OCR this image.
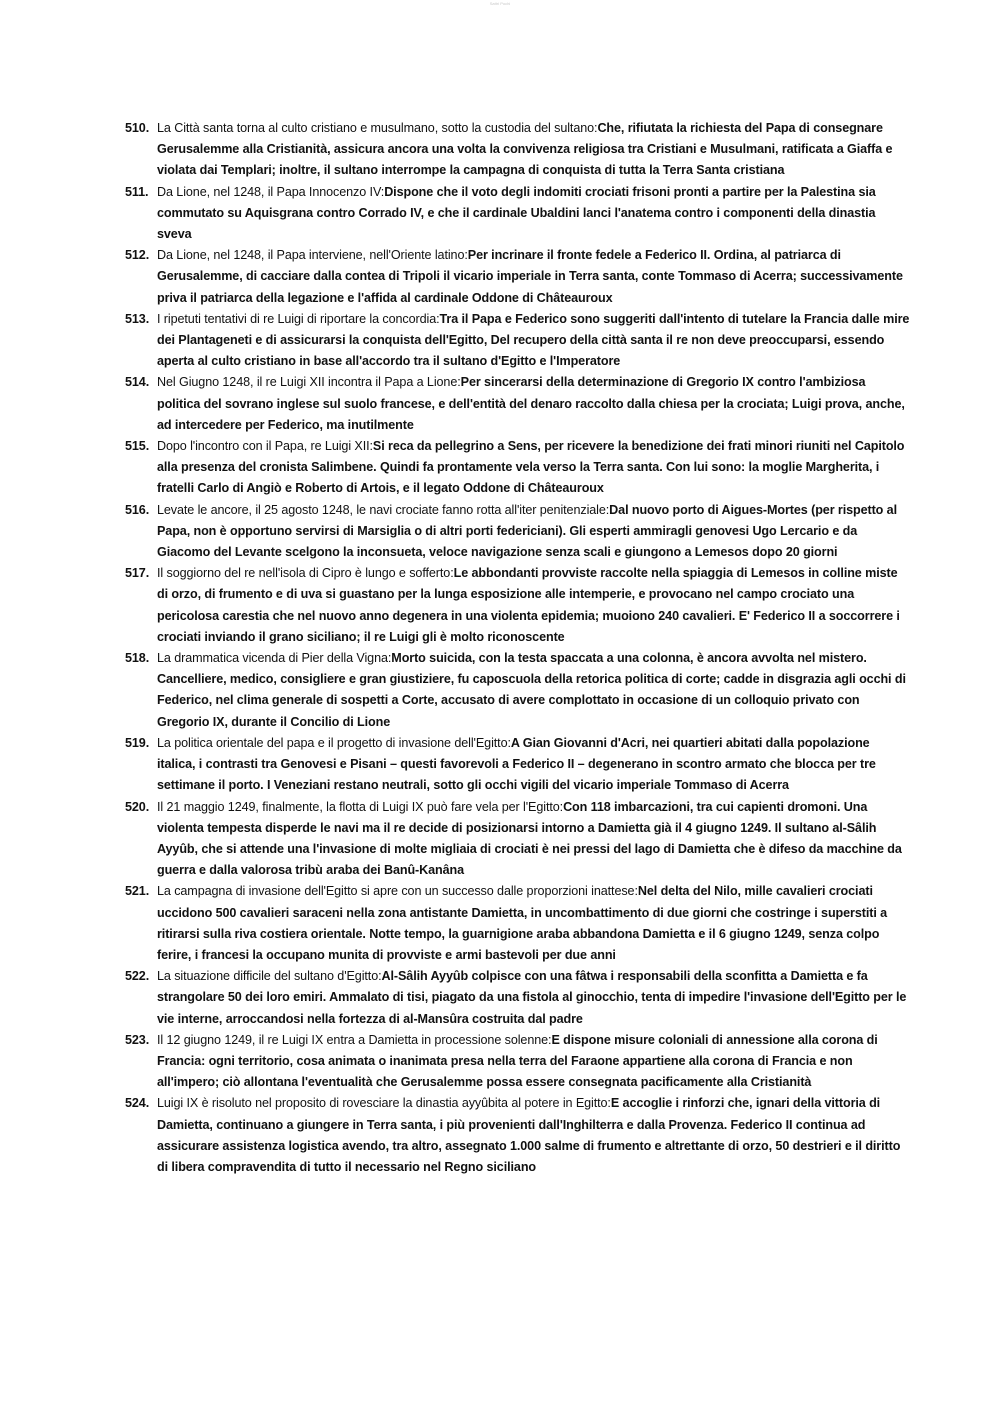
Sattri Pochi
510. La Città santa torna al culto cristiano e musulmano, sotto la custodia del sultano:Che, rifiutata la richiesta del Papa di consegnare Gerusalemme alla Cristianità, assicura ancora una volta la convivenza religiosa tra Cristiani e Musulmani, ratificata a Giaffa e violata dai Templari; inoltre, il sultano interrompe la campagna di conquista di tutta la Terra Santa cristiana
511. Da Lione, nel 1248, il Papa Innocenzo IV:Dispone che il voto degli indomiti crociati frisoni pronti a partire per la Palestina sia commutato su Aquisgrana contro Corrado IV, e che il cardinale Ubaldini lanci l'anatema contro i componenti della dinastia sveva
512. Da Lione, nel 1248, il Papa interviene, nell'Oriente latino:Per incrinare il fronte fedele a Federico II. Ordina, al patriarca di Gerusalemme, di cacciare dalla contea di Tripoli il vicario imperiale in Terra santa, conte Tommaso di Acerra; successivamente priva il patriarca della legazione e l'affida al cardinale Oddone di Châteauroux
513. I ripetuti tentativi di re Luigi di riportare la concordia:Tra il Papa e Federico sono suggeriti dall'intento di tutelare la Francia dalle mire dei Plantageneti e di assicurarsi la conquista dell'Egitto, Del recupero della città santa il re non deve preoccuparsi, essendo aperta al culto cristiano in base all'accordo tra il sultano d'Egitto e l'Imperatore
514. Nel Giugno 1248, il re Luigi XII incontra il Papa a Lione:Per sincerarsi della determinazione di Gregorio IX contro l'ambiziosa politica del sovrano inglese sul suolo francese, e dell'entità del denaro raccolto dalla chiesa per la crociata; Luigi prova, anche, ad intercedere per Federico, ma inutilmente
515. Dopo l'incontro con il Papa, re Luigi XII:Si reca da pellegrino a Sens, per ricevere la benedizione dei frati minori riuniti nel Capitolo alla presenza del cronista Salimbene. Quindi fa prontamente vela verso la Terra santa. Con lui sono: la moglie Margherita, i fratelli Carlo di Angiò e Roberto di Artois, e il legato Oddone di Châteauroux
516. Levate le ancore, il 25 agosto 1248, le navi crociate fanno rotta all'iter penitenziale:Dal nuovo porto di Aigues-Mortes (per rispetto al Papa, non è opportuno servirsi di Marsiglia o di altri porti federiciani). Gli esperti ammiragli genovesi Ugo Lercario e da Giacomo del Levante scelgono la inconsueta, veloce navigazione senza scali e giungono a Lemesos dopo 20 giorni
517. Il soggiorno del re nell'isola di Cipro è lungo e sofferto:Le abbondanti provviste raccolte nella spiaggia di Lemesos in colline miste di orzo, di frumento e di uva si guastano per la lunga esposizione alle intemperie, e provocano nel campo crociato una pericolosa carestia che nel nuovo anno degenera in una violenta epidemia; muoiono 240 cavalieri. E' Federico II a soccorrere i crociati inviando il grano siciliano; il re Luigi gli è molto riconoscente
518. La drammatica vicenda di Pier della Vigna:Morto suicida, con la testa spaccata a una colonna, è ancora avvolta nel mistero. Cancelliere, medico, consigliere e gran giustiziere, fu caposcuola della retorica politica di corte; cadde in disgrazia agli occhi di Federico, nel clima generale di sospetti a Corte, accusato di avere complottato in occasione di un colloquio privato con Gregorio IX, durante il Concilio di Lione
519. La politica orientale del papa e il progetto di invasione dell'Egitto:A Gian Giovanni d'Acri, nei quartieri abitati dalla popolazione italica, i contrasti tra Genovesi e Pisani – questi favorevoli a Federico II – degenerano in scontro armato che blocca per tre settimane il porto. I Veneziani restano neutrali, sotto gli occhi vigili del vicario imperiale Tommaso di Acerra
520. Il 21 maggio 1249, finalmente, la flotta di Luigi IX può fare vela per l'Egitto:Con 118 imbarcazioni, tra cui capienti dromoni. Una violenta tempesta disperde le navi ma il re decide di posizionarsi intorno a Damietta già il 4 giugno 1249. Il sultano al-Sâlih Ayyûb, che si attende una l'invasione di molte migliaia di crociati è nei pressi del lago di Damietta che è difeso da macchine da guerra e dalla valorosa tribù araba dei Banû-Kanâna
521. La campagna di invasione dell'Egitto si apre con un successo dalle proporzioni inattese:Nel delta del Nilo, mille cavalieri crociati uccidono 500 cavalieri saraceni nella zona antistante Damietta, in uncombattimento di due giorni che costringe i superstiti a ritirarsi sulla riva costiera orientale. Notte tempo, la guarnigione araba abbandona Damietta e il 6 giugno 1249, senza colpo ferire, i francesi la occupano munita di provviste e armi bastevoli per due anni
522. La situazione difficile del sultano d'Egitto:Al-Sâlih Ayyûb colpisce con una fâtwa i responsabili della sconfitta a Damietta e fa strangolare 50 dei loro emiri. Ammalato di tisi, piagato da una fistola al ginocchio, tenta di impedire l'invasione dell'Egitto per le vie interne, arroccandosi nella fortezza di al-Mansûra costruita dal padre
523. Il 12 giugno 1249, il re Luigi IX entra a Damietta in processione solenne:E dispone misure coloniali di annessione alla corona di Francia: ogni territorio, cosa animata o inanimata presa nella terra del Faraone appartiene alla corona di Francia e non all'impero; ciò allontana l'eventualità che Gerusalemme possa essere consegnata pacificamente alla Cristianità
524. Luigi IX è risoluto nel proposito di rovesciare la dinastia ayyûbita al potere in Egitto:E accoglie i rinforzi che, ignari della vittoria di Damietta, continuano a giungere in Terra santa, i più provenienti dall'Inghilterra e dalla Provenza. Federico II continua ad assicurare assistenza logistica avendo, tra altro, assegnato 1.000 salme di frumento e altrettante di orzo, 50 destrieri e il diritto di libera compravendita di tutto il necessario nel Regno siciliano
